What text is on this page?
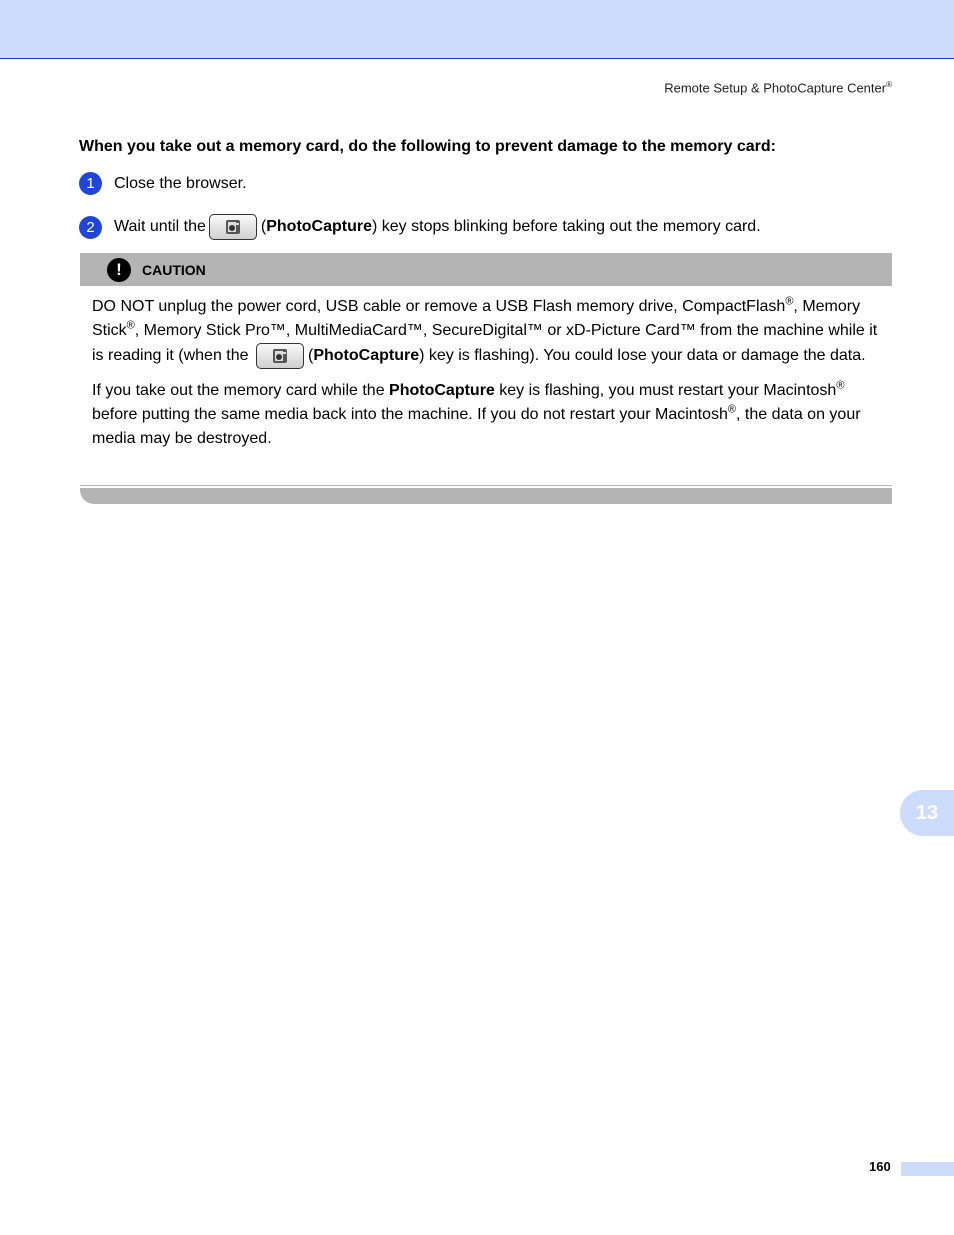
Remote Setup & PhotoCapture Center®
When you take out a memory card, do the following to prevent damage to the memory card:
1	Close the browser.
2	Wait until the	( PhotoCapture ) key stops blinking before taking out the memory card.
!	CAUTION

DO NOT unplug the power cord, USB cable or remove a USB Flash memory drive, CompactFlash®, Memory Stick®, Memory Stick Pro™, MultiMediaCard™, SecureDigital™ or xD-Picture Card™ from the machine while it is reading it (when the	(PhotoCapture) key is flashing). You could lose your data or damage the data.

If you take out the memory card while the PhotoCapture key is flashing, you must restart your Macintosh® before putting the same media back into the machine. If you do not restart your Macintosh®, the data on your media may be destroyed.

13
160
